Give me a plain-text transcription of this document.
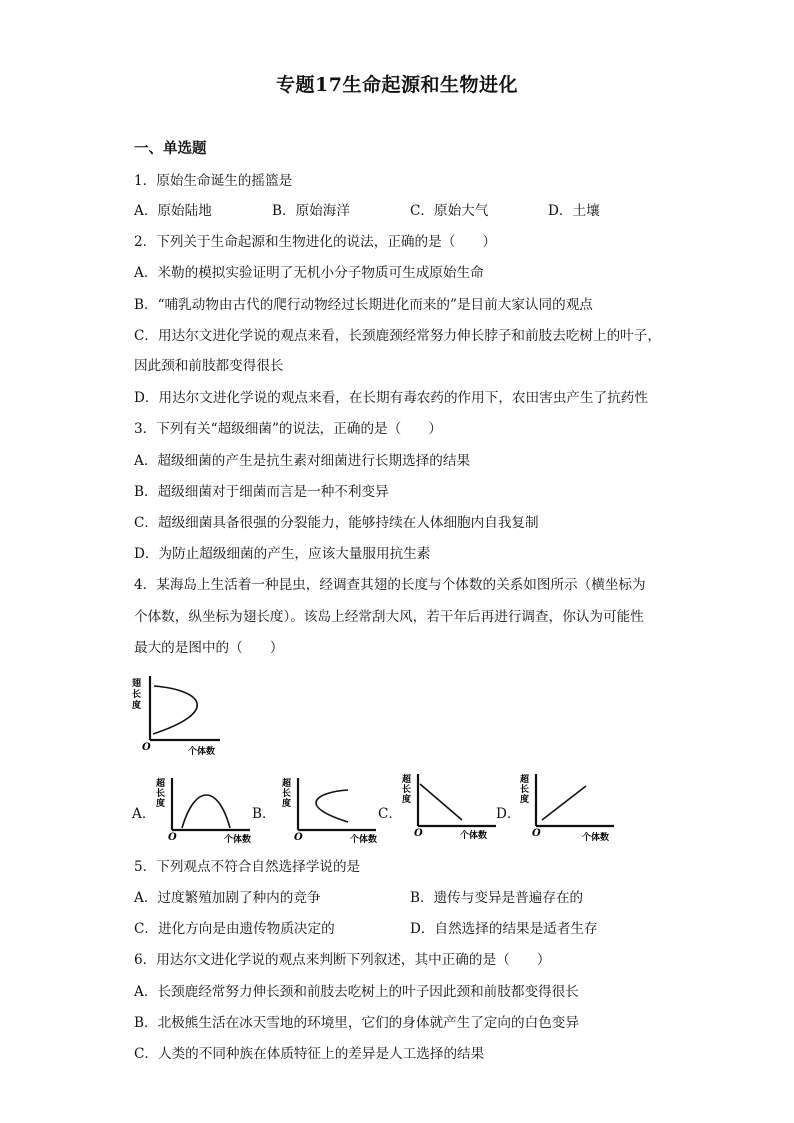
专题17生命起源和生物进化
一、单选题
1．原始生命诞生的摇篮是
A．原始陆地	B．原始海洋	C．原始大气	D．土壤
2．下列关于生命起源和生物进化的说法，正确的是（　　）
A．米勒的模拟实验证明了无机小分子物质可生成原始生命
B．“哺乳动物由古代的爬行动物经过长期进化而来的”是目前大家认同的观点
C．用达尔文进化学说的观点来看，长颈鹿颈经常努力伸长脖子和前肢去吃树上的叶子，
因此颈和前肢都变得很长
D．用达尔文进化学说的观点来看，在长期有毒农药的作用下，农田害虫产生了抗药性
3．下列有关“超级细菌”的说法，正确的是（　　）
A．超级细菌的产生是抗生素对细菌进行长期选择的结果
B．超级细菌对于细菌而言是一种不利变异
C．超级细菌具备很强的分裂能力，能够持续在人体细胞内自我复制
D．为防止超级细菌的产生，应该大量服用抗生素
4．某海岛上生活着一种昆虫，经调查其翅的长度与个体数的关系如图所示（横坐标为
个体数，纵坐标为翅长度）。该岛上经常刮大风，若干年后再进行调查，你认为可能性
最大的是图中的（　　）
翅
长
度
O	个体数
A．
超
长
度
O	个体数
B．
超
长
度
O	个体数
C．
超
长
度
O	个体数
D．
超
长
度
O	个体数
5．下列观点不符合自然选择学说的是
A．过度繁殖加剧了种内的竞争	B．遗传与变异是普遍存在的
C．进化方向是由遗传物质决定的	D．自然选择的结果是适者生存
6．用达尔文进化学说的观点来判断下列叙述，其中正确的是（　　）
A．长颈鹿经常努力伸长颈和前肢去吃树上的叶子因此颈和前肢都变得很长
B．北极熊生活在冰天雪地的环境里，它们的身体就产生了定向的白色变异
C．人类的不同种族在体质特征上的差异是人工选择的结果
